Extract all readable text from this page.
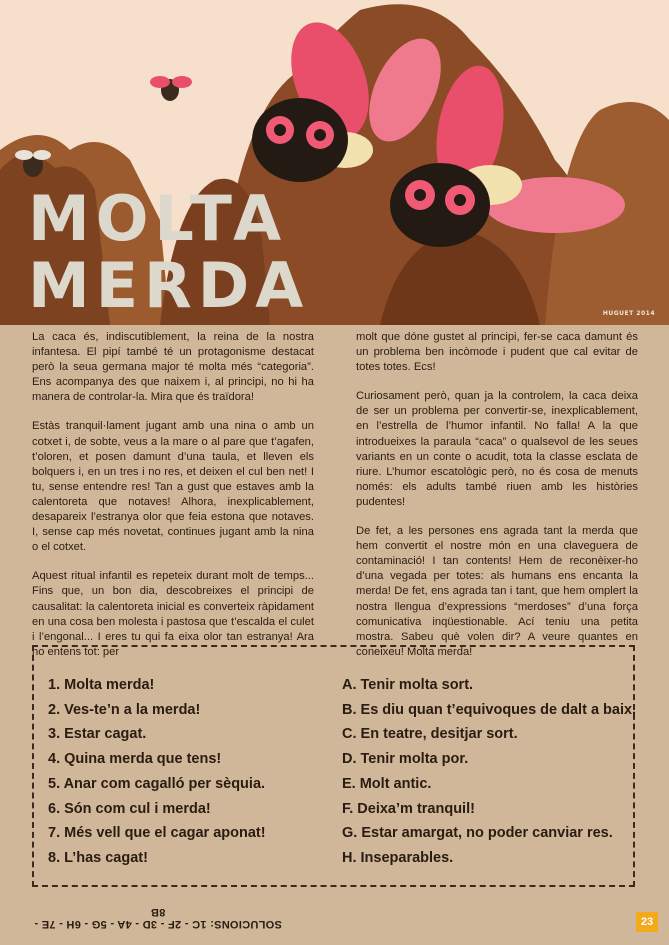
MOLTA
MERDA	HUGUET 2014

La caca és, indiscutiblement, la reina de la nostra infantesa. El pipí també té un protagonisme destacat però la seua germana major té molta més “categoria”. Ens acompanya des que naixem i, al principi, no hi ha manera de controlar-la. Mira que és traïdora!

Estàs tranquil·lament jugant amb una nina o amb un cotxet i, de sobte, veus a la mare o al pare que t’agafen, t’oloren, et posen damunt d’una taula, et lleven els bolquers i, en un tres i no res, et deixen el cul ben net! I tu, sense entendre res! Tan a gust que estaves amb la calentoreta que notaves! Alhora, inexplicablement, desapareix l’estranya olor que feia estona que notaves. I, sense cap més novetat, continues jugant amb la nina o el cotxet.

Aquest ritual infantil es repeteix durant molt de temps... Fins que, un bon dia, descobreixes el principi de causalitat: la calentoreta inicial es converteix ràpidament en una cosa ben molesta i pastosa que t’escalda el culet i l’engonal... I eres tu qui fa eixa olor tan estranya! Ara ho entens tot: per

molt que dóne gustet al principi, fer-se caca damunt és un problema ben incòmode i pudent que cal evitar de totes totes. Ecs!

Curiosament però, quan ja la controlem, la caca deixa de ser un problema per convertir-se, inexplicablement, en l’estrella de l’humor infantil. No falla! A la que introdueixes la paraula “caca” o qualsevol de les seues variants en un conte o acudit, tota la classe esclata de riure. L’humor escatològic però, no és cosa de menuts només: els adults també riuen amb les històries pudentes!

De fet, a les persones ens agrada tant la merda que hem convertit el nostre món en una claveguera de contaminació! I tan contents! Hem de reconèixer-ho d’una vegada per totes: als humans ens encanta la merda! De fet, ens agrada tan i tant, que hem omplert la nostra llengua d’expressions “merdoses” d’una força comunicativa inqüestionable. Ací teniu una petita mostra. Sabeu què volen dir? A veure quantes en coneixeu! Molta merda!

1. Molta merda!
2. Ves-te’n a la merda!
3. Estar cagat.
4. Quina merda que tens!
5. Anar com cagalló per sèquia.
6. Són com cul i merda!
7. Més vell que el cagar aponat!
8. L’has cagat!
A. Tenir molta sort.
B. Es diu quan t’equivoques de dalt a baix.
C. En teatre, desitjar sort.
D. Tenir molta por.
E. Molt antic.
F. Deixa’m tranquil!
G. Estar amargat, no poder canviar res.
H. Inseparables.
SOLUCIONS: 1C - 2F - 3D - 4A - 5G - 6H - 7E - 8B
23
